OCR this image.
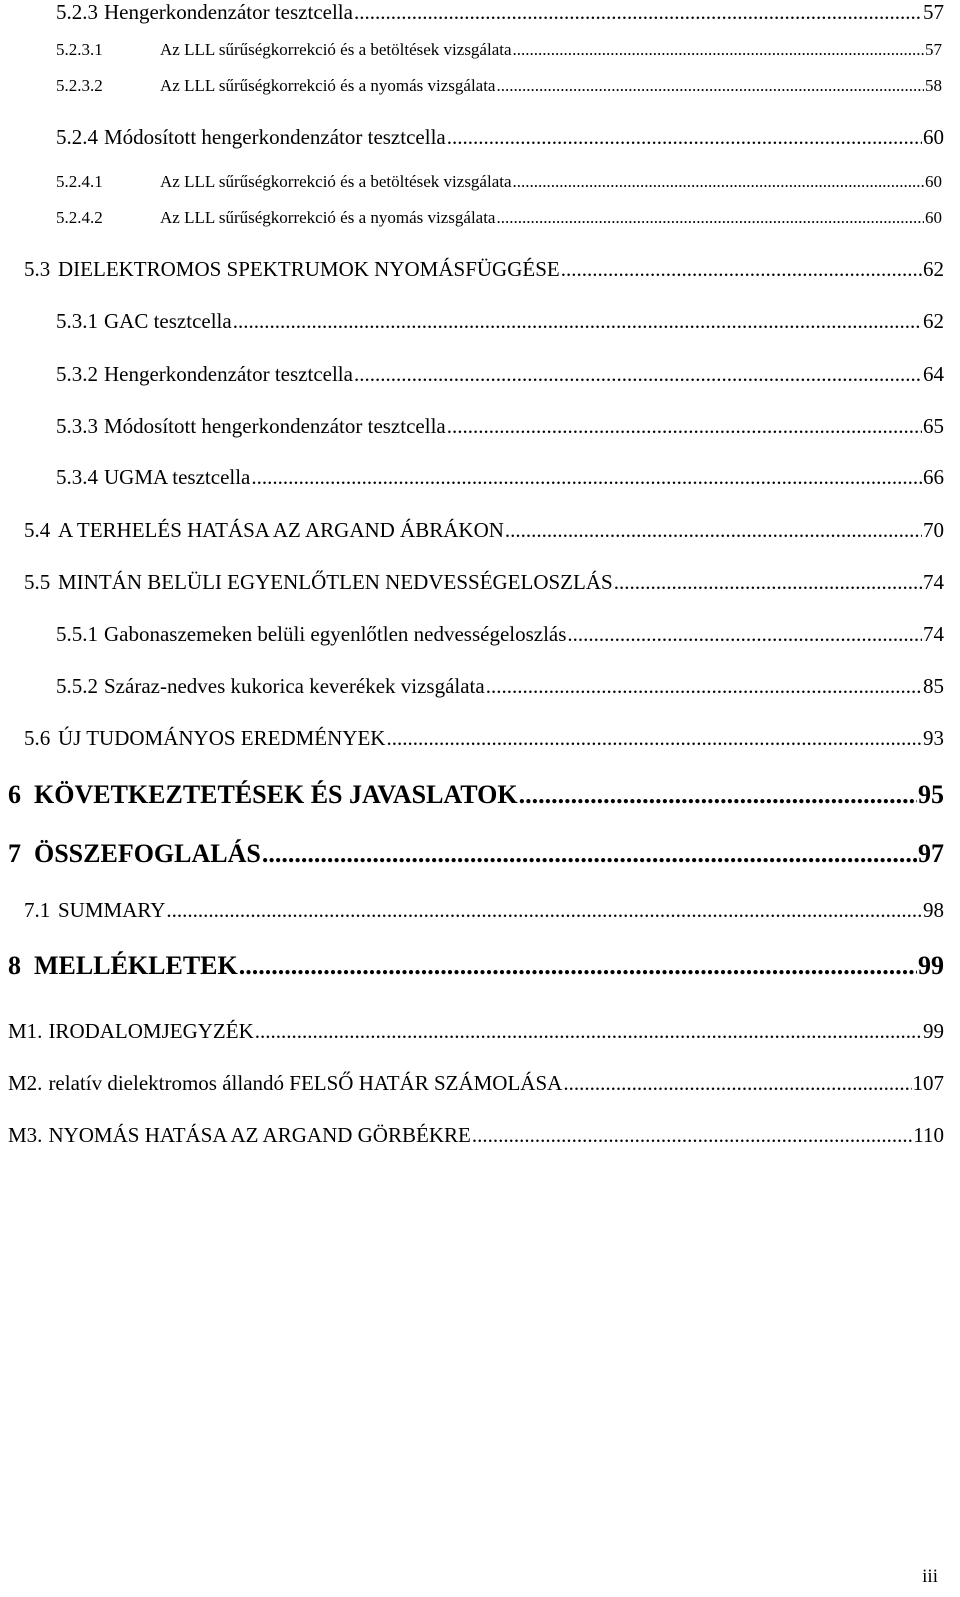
5.2.3 Hengerkondenzátor tesztcella .....	57
5.2.3.1	Az LLL sűrűségkorrekció és a betöltések vizsgálata .....	57
5.2.3.2	Az LLL sűrűségkorrekció és a nyomás vizsgálata .....	58
5.2.4 Módosított hengerkondenzátor tesztcella .....	60
5.2.4.1	Az LLL sűrűségkorrekció és a betöltések vizsgálata .....	60
5.2.4.2	Az LLL sűrűségkorrekció és a nyomás vizsgálata .....	60
5.3 DIELEKTROMOS SPEKTRUMOK NYOMÁSFÜGGÉSE .....	62
5.3.1 GAC tesztcella .....	62
5.3.2 Hengerkondenzátor tesztcella .....	64
5.3.3 Módosított hengerkondenzátor tesztcella .....	65
5.3.4 UGMA tesztcella .....	66
5.4 A TERHELÉS HATÁSA AZ ARGAND ÁBRÁKON .....	70
5.5 MINTÁN BELÜLI EGYENLŐTLEN NEDVESSÉGELOSZLÁS .....	74
5.5.1 Gabonaszemeken belüli egyenlőtlen nedvességeloszlás .....	74
5.5.2 Száraz-nedves kukorica keverékek vizsgálata .....	85
5.6 ÚJ TUDOMÁNYOS EREDMÉNYEK .....	93
6 KÖVETKEZTETÉSEK ÉS JAVASLATOK .....	95
7 ÖSSZEFOGLALÁS .....	97
7.1 SUMMARY .....	98
8 MELLÉKLETEK .....	99
M1. IRODALOMJEGYZÉK .....	99
M2. relatív dielektromos állandó FELSŐ HATÁR SZÁMOLÁSA .....	107
M3. NYOMÁS HATÁSA AZ ARGAND GÖRBÉKRE .....	110
iii
